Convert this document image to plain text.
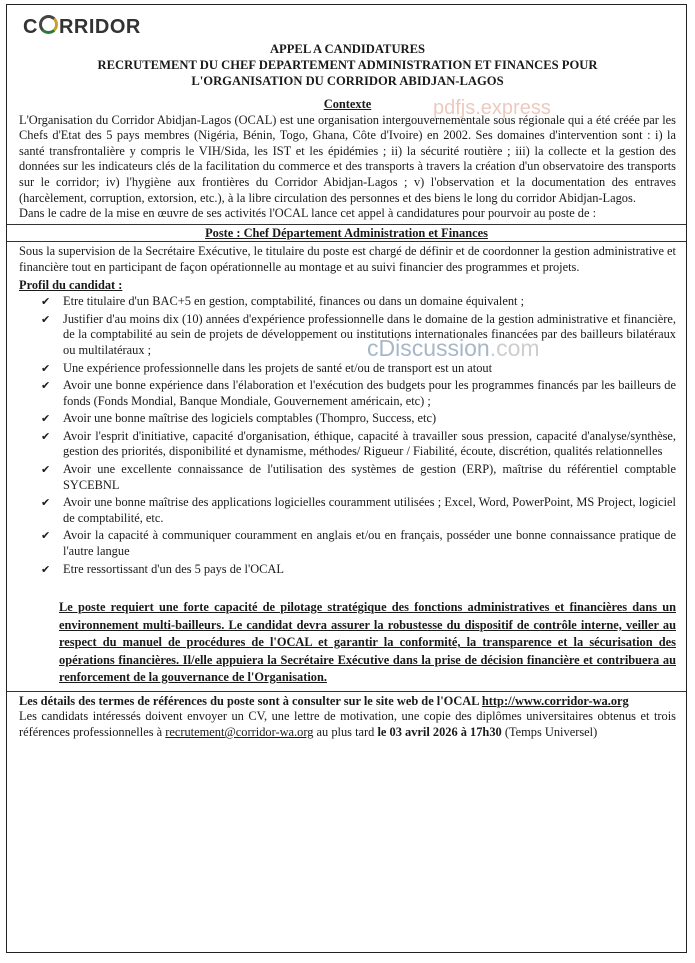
C RRIDOR
pdfjs.express
cDiscussion.com
APPEL A CANDIDATURES
RECRUTEMENT DU CHEF DEPARTEMENT ADMINISTRATION ET FINANCES POUR
L'ORGANISATION DU CORRIDOR ABIDJAN-LAGOS
Contexte

L'Organisation du Corridor Abidjan-Lagos (OCAL) est une organisation intergouvernementale sous régionale qui a été créée par les Chefs d'Etat des 5 pays membres (Nigéria, Bénin, Togo, Ghana, Côte d'Ivoire) en 2002. Ses domaines d'intervention sont : i) la santé transfrontalière y compris le VIH/Sida, les IST et les épidémies ; ii) la sécurité routière ; iii) la collecte et la gestion des données sur les indicateurs clés de la facilitation du commerce et des transports à travers la création d'un observatoire des transports sur le corridor; iv) l'hygiène aux frontières du Corridor Abidjan-Lagos ; v) l'observation et la documentation des entraves (harcèlement, corruption, extorsion, etc.), à la libre circulation des personnes et des biens le long du corridor Abidjan-Lagos.

Dans le cadre de la mise en œuvre de ses activités l'OCAL lance cet appel à candidatures pour pourvoir au poste de :

Poste : Chef Département Administration et Finances

Sous la supervision de la Secrétaire Exécutive, le titulaire du poste est chargé de définir et de coordonner la gestion administrative et financière tout en participant de façon opérationnelle au montage et au suivi financier des programmes et projets.

Profil du candidat :
✔ Etre titulaire d'un BAC+5 en gestion, comptabilité, finances ou dans un domaine équivalent ;
✔ Justifier d'au moins dix (10) années d'expérience professionnelle dans le domaine de la gestion administrative et financière, de la comptabilité au sein de projets de développement ou institutions internationales financées par des bailleurs bilatéraux ou multilatéraux ;
✔ Une expérience professionnelle dans les projets de santé et/ou de transport est un atout
✔ Avoir une bonne expérience dans l'élaboration et l'exécution des budgets pour les programmes financés par les bailleurs de fonds (Fonds Mondial, Banque Mondiale, Gouvernement américain, etc) ;
✔ Avoir une bonne maîtrise des logiciels comptables (Thompro, Success, etc)
✔ Avoir l'esprit d'initiative, capacité d'organisation, éthique, capacité à travailler sous pression, capacité d'analyse/synthèse, gestion des priorités, disponibilité et dynamisme, méthodes/ Rigueur / Fiabilité, écoute, discrétion, qualités relationnelles
✔ Avoir une excellente connaissance de l'utilisation des systèmes de gestion (ERP), maîtrise du référentiel comptable SYCEBNL
✔ Avoir une bonne maîtrise des applications logicielles couramment utilisées ; Excel, Word, PowerPoint, MS Project, logiciel de comptabilité, etc.
✔ Avoir la capacité à communiquer couramment en anglais et/ou en français, posséder une bonne connaissance pratique de l'autre langue
✔ Etre ressortissant d'un des 5 pays de l'OCAL
Le poste requiert une forte capacité de pilotage stratégique des fonctions administratives et financières dans un environnement multi-bailleurs. Le candidat devra assurer la robustesse du dispositif de contrôle interne, veiller au respect du manuel de procédures de l'OCAL et garantir la conformité, la transparence et la sécurisation des opérations financières. Il/elle appuiera la Secrétaire Exécutive dans la prise de décision financière et contribuera au renforcement de la gouvernance de l'Organisation.

Les détails des termes de références du poste sont à consulter sur le site web de l'OCAL http://www.corridor-wa.org

Les candidats intéressés doivent envoyer un CV, une lettre de motivation, une copie des diplômes universitaires obtenus et trois références professionnelles à recrutement@corridor-wa.org au plus tard le 03 avril 2026 à 17h30 (Temps Universel)
